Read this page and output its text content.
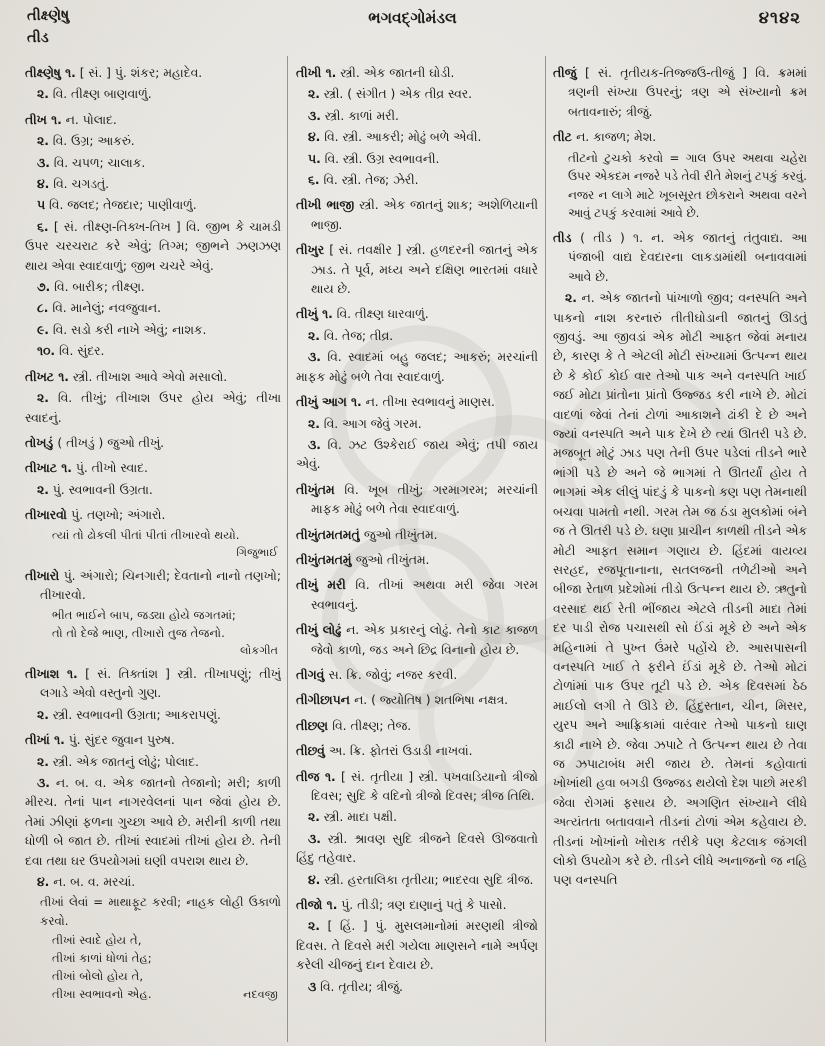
તીક્ષ્ણેષુ
તીડ
ભગવદ્ગોમંડલ	૪૧૪૨
તીક્ષ્ણેષુ ૧. [ સં. ] પું. શંકર; મહાદેવ.
૨. વિ. તીક્ષ્ણ બાણવાળું.
તીખ ૧. ન. પોલાદ.
૨. વિ. ઉગ્ર; આકરું.
૩. વિ. ચપળ; ચાલાક.
૪. વિ. ચગડતું.
૫ વિ. જલદ; તેજદાર; પાણીવાળું.
૬. [ સં. તીક્ષ્ણ-તિક્ખ-તિખ ] વિ. જીભ કે ચામડી ઉપર ચરચરાટ કરે એવું; તિગ્મ; જીભને ઝણઝણ થાય એવા સ્વાદવાળું; જીભ ચચરે એવું.
૭. વિ. બારીક; તીક્ષ્ણ.
૮. વિ. માનેલું; નવજુવાન.
૯. વિ. સડો કરી નાખે એવું; નાશક.
૧૦. વિ. સુંદર.
તીખટ ૧. સ્ત્રી. તીખાશ આવે એવો મસાલો.
૨. વિ. તીખું; તીખાશ ઉપર હોય એવું; તીખા સ્વાદનું.
તોખડું ( તીખડું ) જુઓ તીખું.
તીખાટ ૧. પું. તીખો સ્વાદ.
૨. પું. સ્વભાવની ઉગ્રતા.
તીખારવો પું. તણખો; અંગારો.
ત્યાં તો ઢોકલી પીતાં પીતાં તીખારવો થયો.
ગિજુભાઈ
તીખારો પું. અંગારો; ચિનગારી; દેવતાનો નાનો તણખો; તીખારવો.
ભીત ભાઈને બાપ, જડ્યા હોયે જગતમાં;
તો તો દેજે ભાણ, તીખારો તુજ તેજનો.
લોકગીત
તીખાશ ૧. [ સં. તિક્તાંશ ] સ્ત્રી. તીખાપણું; તીખું લગાડે એવો વસ્તુનો ગુણ.
૨. સ્ત્રી. સ્વભાવની ઉગ્રતા; આકરાપણું.
તીખાં ૧. પું. સુંદર જુવાન પુરુષ.
૨. સ્ત્રી. એક જાતનું લોઢું; પોલાદ.
૩. ન. બ. વ. એક જાતનો તેજાનો; મરી; કાળી મીરચ. તેનાં પાન નાગરવેલનાં પાન જેવાં હોય છે. તેમાં ઝીણાં ફળના ગુચ્છા આવે છે. મરીની કાળી તથા ધોળી બે જાત છે. તીખાં સ્વાદમાં તીખાં હોય છે. તેની દવા તથા ઘર ઉપયોગમાં ઘણી વપરાશ થાય છે.
૪. ન. બ. વ. મરચાં.
તીખાં લેવાં = માથાફૂટ કરવી; નાહક લોહી ઉકાળો કરવો.
તીખાં સ્વાદે હોય તે,
તીખાં કાળાં ધોળાં તેહ;
તીખાં બોલો હોય તે,
તીખા સ્વભાવનો એહ.	નદવજી
તીખી ૧. સ્ત્રી. એક જાતની ઘોડી.
૨. સ્ત્રી. ( સંગીત ) એક તીવ્ર સ્વર.
૩. સ્ત્રી. કાળાં મરી.
૪. વિ. સ્ત્રી. આકરી; મોઢું બળે એવી.
૫. વિ. સ્ત્રી. ઉગ્ર સ્વભાવની.
૬. વિ. સ્ત્રી. તેજ; ઝેરી.
તીખી ભાજી સ્ત્રી. એક જાતનું શાક; અશેળિયાની ભાજી.
તીખુર [ સં. તવક્ષીર ] સ્ત્રી. હળદરની જાતનું એક ઝાડ. તે પૂર્વ, મધ્ય અને દક્ષિણ ભારતમાં વધારે થાય છે.
તીખું ૧. વિ. તીક્ષ્ણ ધારવાળું.
૨. વિ. તેજ; તીવ્ર.
૩. વિ. સ્વાદમાં બહુ જલદ; આકરું; મરચાંની માફક મોઢું બળે તેવા સ્વાદવાળું.
તીખું આગ ૧. ન. તીખા સ્વભાવનું માણસ.
૨. વિ. આગ જેવું ગરમ.
૩. વિ. ઝટ ઉશ્કેરાઈ જાય એવું; તપી જાય એવું.
તીખુંતમ વિ. ખૂબ તીખું; ગરમાગરમ; મરચાંની માફક મોઢું બળે તેવા સ્વાદવાળું.
તીખુંતમતમતું જુઓ તીખુંતમ.
તીખુંતમતમું જુઓ તીખુંતમ.
તીખું મરી વિ. તીખાં અથવા મરી જેવા ગરમ સ્વભાવનું.
તીખું લોઢું ન. એક પ્રકારનું લોઢું. તેનો કાટ કાજળ જેવો કાળો, જડ અને છિદ્ર વિનાનો હોય છે.
તીગવું સ. ક્રિ. જોવું; નજર કરવી.
તીગીછાપન ન. ( જ્યોતિષ ) શતભિષા નક્ષત્ર.
તીછણ વિ. તીક્ષ્ણ; તેજ.
તીછવું અ. ક્રિ. ફોતરાં ઉડાડી નાખવાં.
તીજ ૧. [ સં. તૃતીયા ] સ્ત્રી. પખવાડિયાનો ત્રીજો દિવસ; સુદિ કે વદિનો ત્રીજો દિવસ; ત્રીજ તિથિ.
૨. સ્ત્રી. માદા પક્ષી.
૩. સ્ત્રી. શ્રાવણ સુદિ ત્રીજને દિવસે ઊજવાતો હિંદુ તહેવાર.
૪. સ્ત્રી. હરતાલિકા તૃતીયા; ભાદરવા સુદિ ત્રીજ.
તીજો ૧. પું. તીડી; ત્રણ દાણાનું પતું કે પાસો.
૨. [ હિં. ] પું. મુસલમાનોમાં મરણથી ત્રીજો દિવસ. તે દિવસે મરી ગયેલા માણસને નામે અર્પણ કરેલી ચીજનું દાન દેવાય છે.
૩ વિ. તૃતીય; ત્રીજું.
તીજું [ સં. તૃતીયક-તિજ્જઉ-તીજું ] વિ. ક્રમમાં ત્રણની સંખ્યા ઉપરનું; ત્રણ એ સંખ્યાનો ક્રમ બતાવનારું; ત્રીજું.
તીટ ન. કાજળ; મેશ.
તીટનો ટુચકો કરવો = ગાલ ઉપર અથવા ચહેરા ઉપર એકદમ નજરે પડે તેવી રીતે મેશનું ટપકું કરવું. નજર ન લાગે માટે ખૂબસૂરત છોકરાને અથવા વરને આવું ટપકું કરવામાં આવે છે.
તીડ ( તીડ ) ૧. ન. એક જાતનું તંતુવાદ્ય. આ પંજાબી વાદ્ય દેવદારના લાકડામાંથી બનાવવામાં આવે છે.
૨. ન. એક જાતનો પાંખાળો જીવ; વનસ્પતિ અને પાકનો નાશ કરનારું તીતીઘોડાની જાતનું ઊડતું જીવડું. આ જીવડાં એક મોટી આફત જેવાં મનાય છે, કારણ કે તે એટલી મોટી સંખ્યામાં ઉત્પન્ન થાય છે કે કોઈ કોઈ વાર તેઓ પાક અને વનસ્પતિ ખાઈ જઈ મોટા પ્રાંતોના પ્રાંતો ઉજ્જડ કરી નાખે છે. મોટાં વાદળાં જેવાં તેનાં ટોળાં આકાશને ઢાંકી દે છે અને જ્યાં વનસ્પતિ અને પાક દેખે છે ત્યાં ઊતરી પડે છે. મજબૂત મોટું ઝાડ પણ તેની ઉપર પડેલાં તીડને ભારે ભાંગી પડે છે અને જે ભાગમાં તે ઊતર્યાં હોય તે ભાગમાં એક લીલું પાંદડું કે પાકનો કણ પણ તેમનાથી બચવા પામતો નથી. ગરમ તેમ જ ઠંડા મુલકોમાં બંને જ તે ઊતરી પડે છે. ઘણા પ્રાચીન કાળથી તીડને એક મોટી આફત સમાન ગણાય છે. હિંદમાં વાયવ્ય સરહદ, રજપૂતાનાના, સતલજની તળેટીઓ અને બીજા રેતાળ પ્રદેશોમાં તીડો ઉત્પન્ન થાય છે. ઋતુનો વરસાદ થઈ રેતી ભીંજાય એટલે તીડની માદા તેમાં દર પાડી રોજ પચાસથી સો ઈંડાં મૂકે છે અને એક મહિનામાં તે પુખ્ત ઉંમરે પહોંચે છે. આસપાસની વનસ્પતિ ખાઈ તે ફરીને ઈંડાં મૂકે છે. તેઓ મોટાં ટોળાંમાં પાક ઉપર તૂટી પડે છે. એક દિવસમાં ઠેઠ માઈલો લગી તે ઊડે છે. હિંદુસ્તાન, ચીન, મિસર, યુરપ અને આફ્રિકામાં વારંવાર તેઓ પાકનો ઘાણ કાઢી નાખે છે. જેવા ઝપાટે તે ઉત્પન્ન થાય છે તેવા જ ઝપાટાબંધ મરી જાય છે. તેમનાં કહોવાતાં ખોખાંથી હવા બગડી ઉજ્જડ થયેલો દેશ પાછો મરકી જેવા રોગમાં ફસાય છે. અગણિત સંખ્યાને લીધે અત્યંતતા બતાવવાને તીડનાં ટોળાં એમ કહેવાય છે. તીડનાં ખોખાંનો ખોરાક તરીકે પણ કેટલાક જંગલી લોકો ઉપયોગ કરે છે. તીડને લીધે અનાજનો જ નહિ પણ વનસ્પતિ
